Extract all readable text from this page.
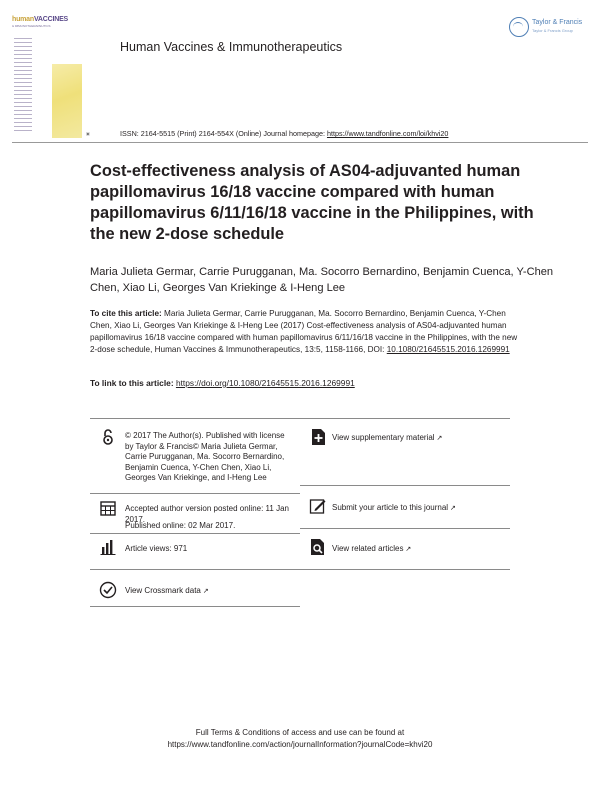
humanVACCINES
& IMMUNOTHERAPEUTICS
Human Vaccines & Immunotherapeutics
Taylor & Francis
Taylor & Francis Group
▣	ISSN: 2164-5515 (Print) 2164-554X (Online) Journal homepage: https://www.tandfonline.com/loi/khvi20
Cost-effectiveness analysis of AS04-adjuvanted human papillomavirus 16/18 vaccine compared with human papillomavirus 6/11/16/18 vaccine in the Philippines, with the new 2-dose schedule
Maria Julieta Germar, Carrie Purugganan, Ma. Socorro Bernardino, Benjamin Cuenca, Y-Chen Chen, Xiao Li, Georges Van Kriekinge & I-Heng Lee
To cite this article: Maria Julieta Germar, Carrie Purugganan, Ma. Socorro Bernardino, Benjamin Cuenca, Y-Chen Chen, Xiao Li, Georges Van Kriekinge & I-Heng Lee (2017) Cost-effectiveness analysis of AS04-adjuvanted human papillomavirus 16/18 vaccine compared with human papillomavirus 6/11/16/18 vaccine in the Philippines, with the new 2-dose schedule, Human Vaccines & Immunotherapeutics, 13:5, 1158-1166, DOI: 10.1080/21645515.2016.1269991
To link to this article: https://doi.org/10.1080/21645515.2016.1269991
© 2017 The Author(s). Published with license by Taylor & Francis© Maria Julieta Germar, Carrie Purugganan, Ma. Socorro Bernardino, Benjamin Cuenca, Y-Chen Chen, Xiao Li, Georges Van Kriekinge, and I-Heng Lee
Accepted author version posted online: 11 Jan 2017.
Published online: 02 Mar 2017.
Article views: 971
View Crossmark data ↗
View supplementary material ↗
Submit your article to this journal ↗
View related articles ↗
Full Terms & Conditions of access and use can be found at
https://www.tandfonline.com/action/journalInformation?journalCode=khvi20
